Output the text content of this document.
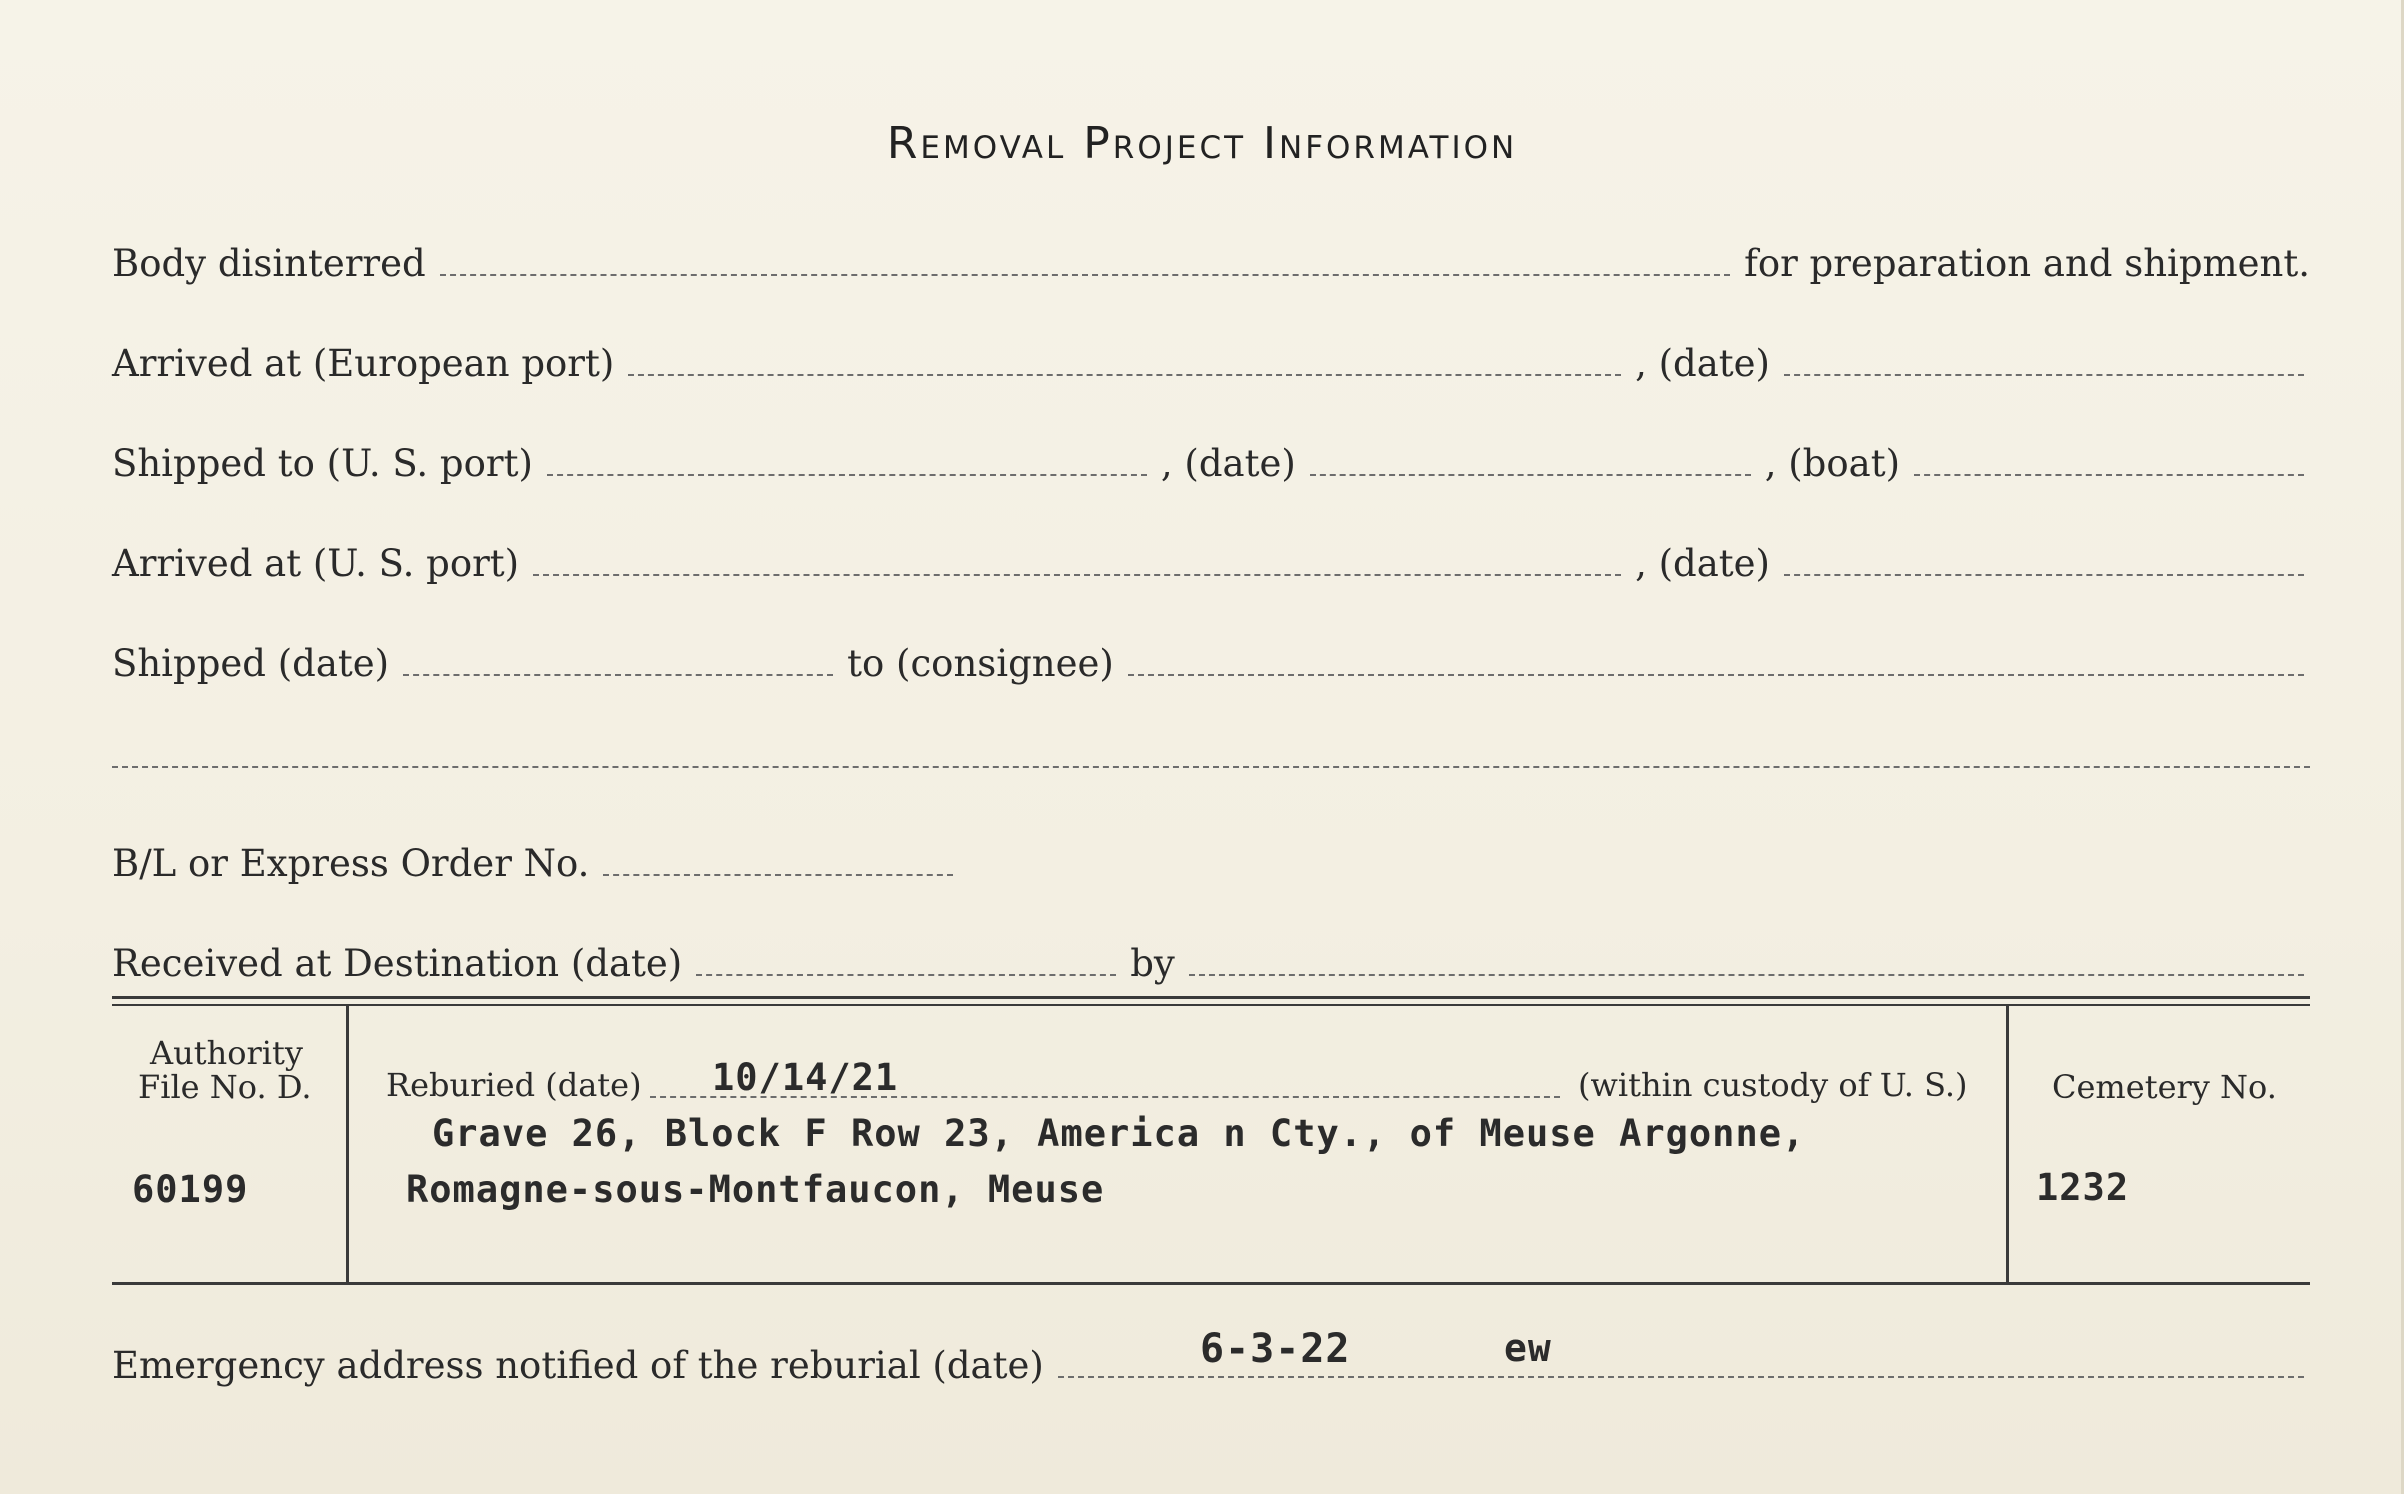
Removal Project Information
Body disinterred	for preparation and shipment.
Arrived at (European port)	, (date)
Shipped to (U. S. port)	, (date)	, (boat)
Arrived at (U. S. port)	, (date)
Shipped (date)	to (consignee)
B/L or Express Order No.
Received at Destination (date)	by
Authority
File No. D.
60199
Reburied (date) 10/14/21	(within custody of U. S.)
Grave 26, Block F Row 23, America n Cty., of Meuse Argonne,
Romagne-sous-Montfaucon, Meuse
Cemetery No.
1232
Emergency address notified of the reburial (date)	6-3-22	ew
